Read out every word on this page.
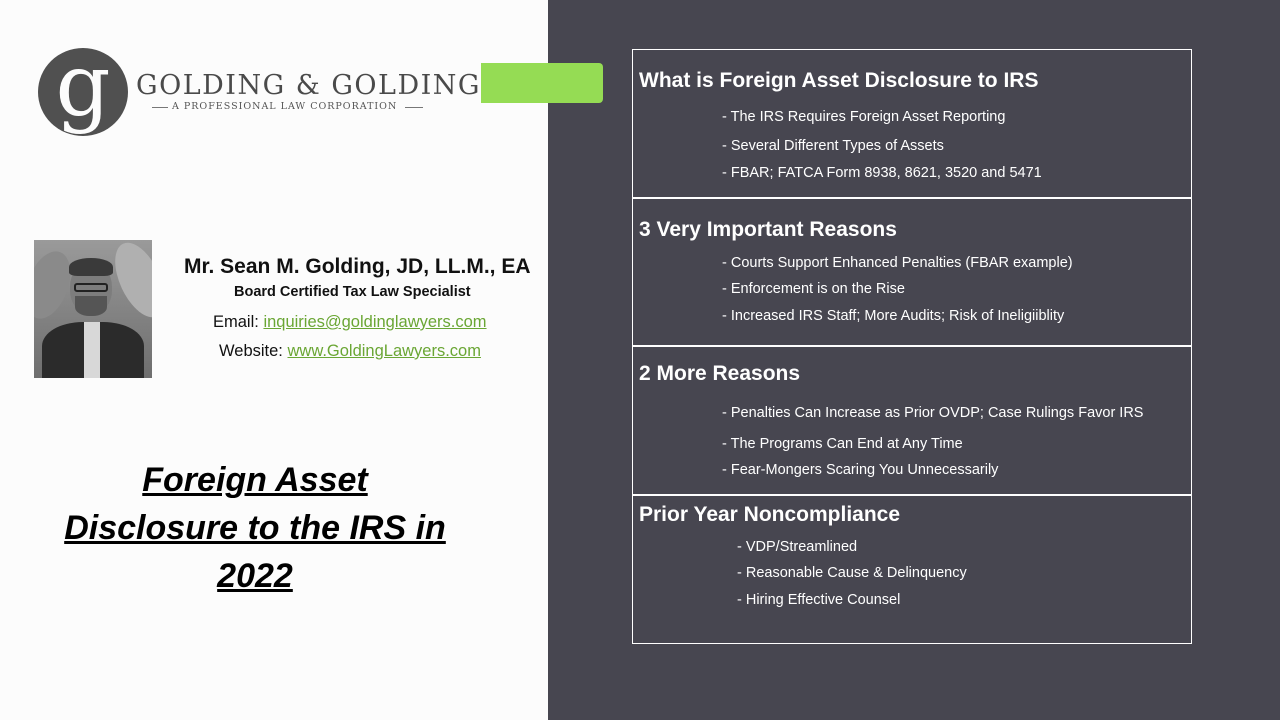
g GOLDING & GOLDING
A PROFESSIONAL LAW CORPORATION
Mr. Sean M. Golding, JD, LL.M., EA
Board Certified Tax Law Specialist
Email: inquiries@goldinglawyers.com
Website: www.GoldingLawyers.com
Foreign Asset
Disclosure to the IRS in
2022
What is Foreign Asset Disclosure to IRS
- The IRS Requires Foreign Asset Reporting
- Several Different Types of Assets
- FBAR; FATCA Form 8938, 8621, 3520 and 5471
3 Very Important Reasons
- Courts Support Enhanced Penalties (FBAR example)
- Enforcement is on the Rise
- Increased IRS Staff; More Audits; Risk of Ineligiiblity
2 More Reasons
- Penalties Can Increase as Prior OVDP; Case Rulings Favor IRS
- The Programs Can End at Any Time
- Fear-Mongers Scaring You Unnecessarily
Prior Year Noncompliance
- VDP/Streamlined
- Reasonable Cause & Delinquency
- Hiring Effective Counsel
